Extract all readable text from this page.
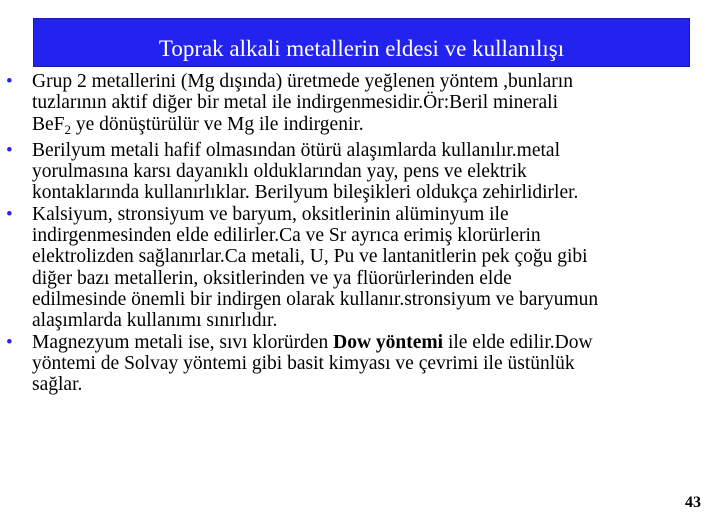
Toprak alkali metallerin eldesi ve kullanılışı
• Grup 2 metallerini (Mg dışında) üretmede yeğlenen yöntem ,bunların
tuzlarının aktif diğer bir metal ile indirgenmesidir.Ör:Beril minerali
BeF$_2$ ye dönüştürülür ve Mg ile indirgenir.
• Berilyum metali hafif olmasından ötürü alaşımlarda kullanılır.metal
yorulmasına karsı dayanıklı olduklarından yay, pens ve elektrik
kontaklarında kullanırlıklar. Berilyum bileşikleri oldukça zehirlidirler.
• Kalsiyum, stronsiyum ve baryum, oksitlerinin alüminyum ile
indirgenmesinden elde edilirler.Ca ve Sr ayrıca erimiş klorürlerin
elektrolizden sağlanırlar.Ca metali, U, Pu ve lantanitlerin pek çoğu gibi
diğer bazı metallerin, oksitlerinden ve ya flüorürlerinden elde
edilmesinde önemli bir indirgen olarak kullanır.stronsiyum ve baryumun
alaşımlarda kullanımı sınırlıdır.
• Magnezyum metali ise, sıvı klorürden Dow yöntemi ile elde edilir.Dow
yöntemi de Solvay yöntemi gibi basit kimyası ve çevrimi ile üstünlük
sağlar.
43
